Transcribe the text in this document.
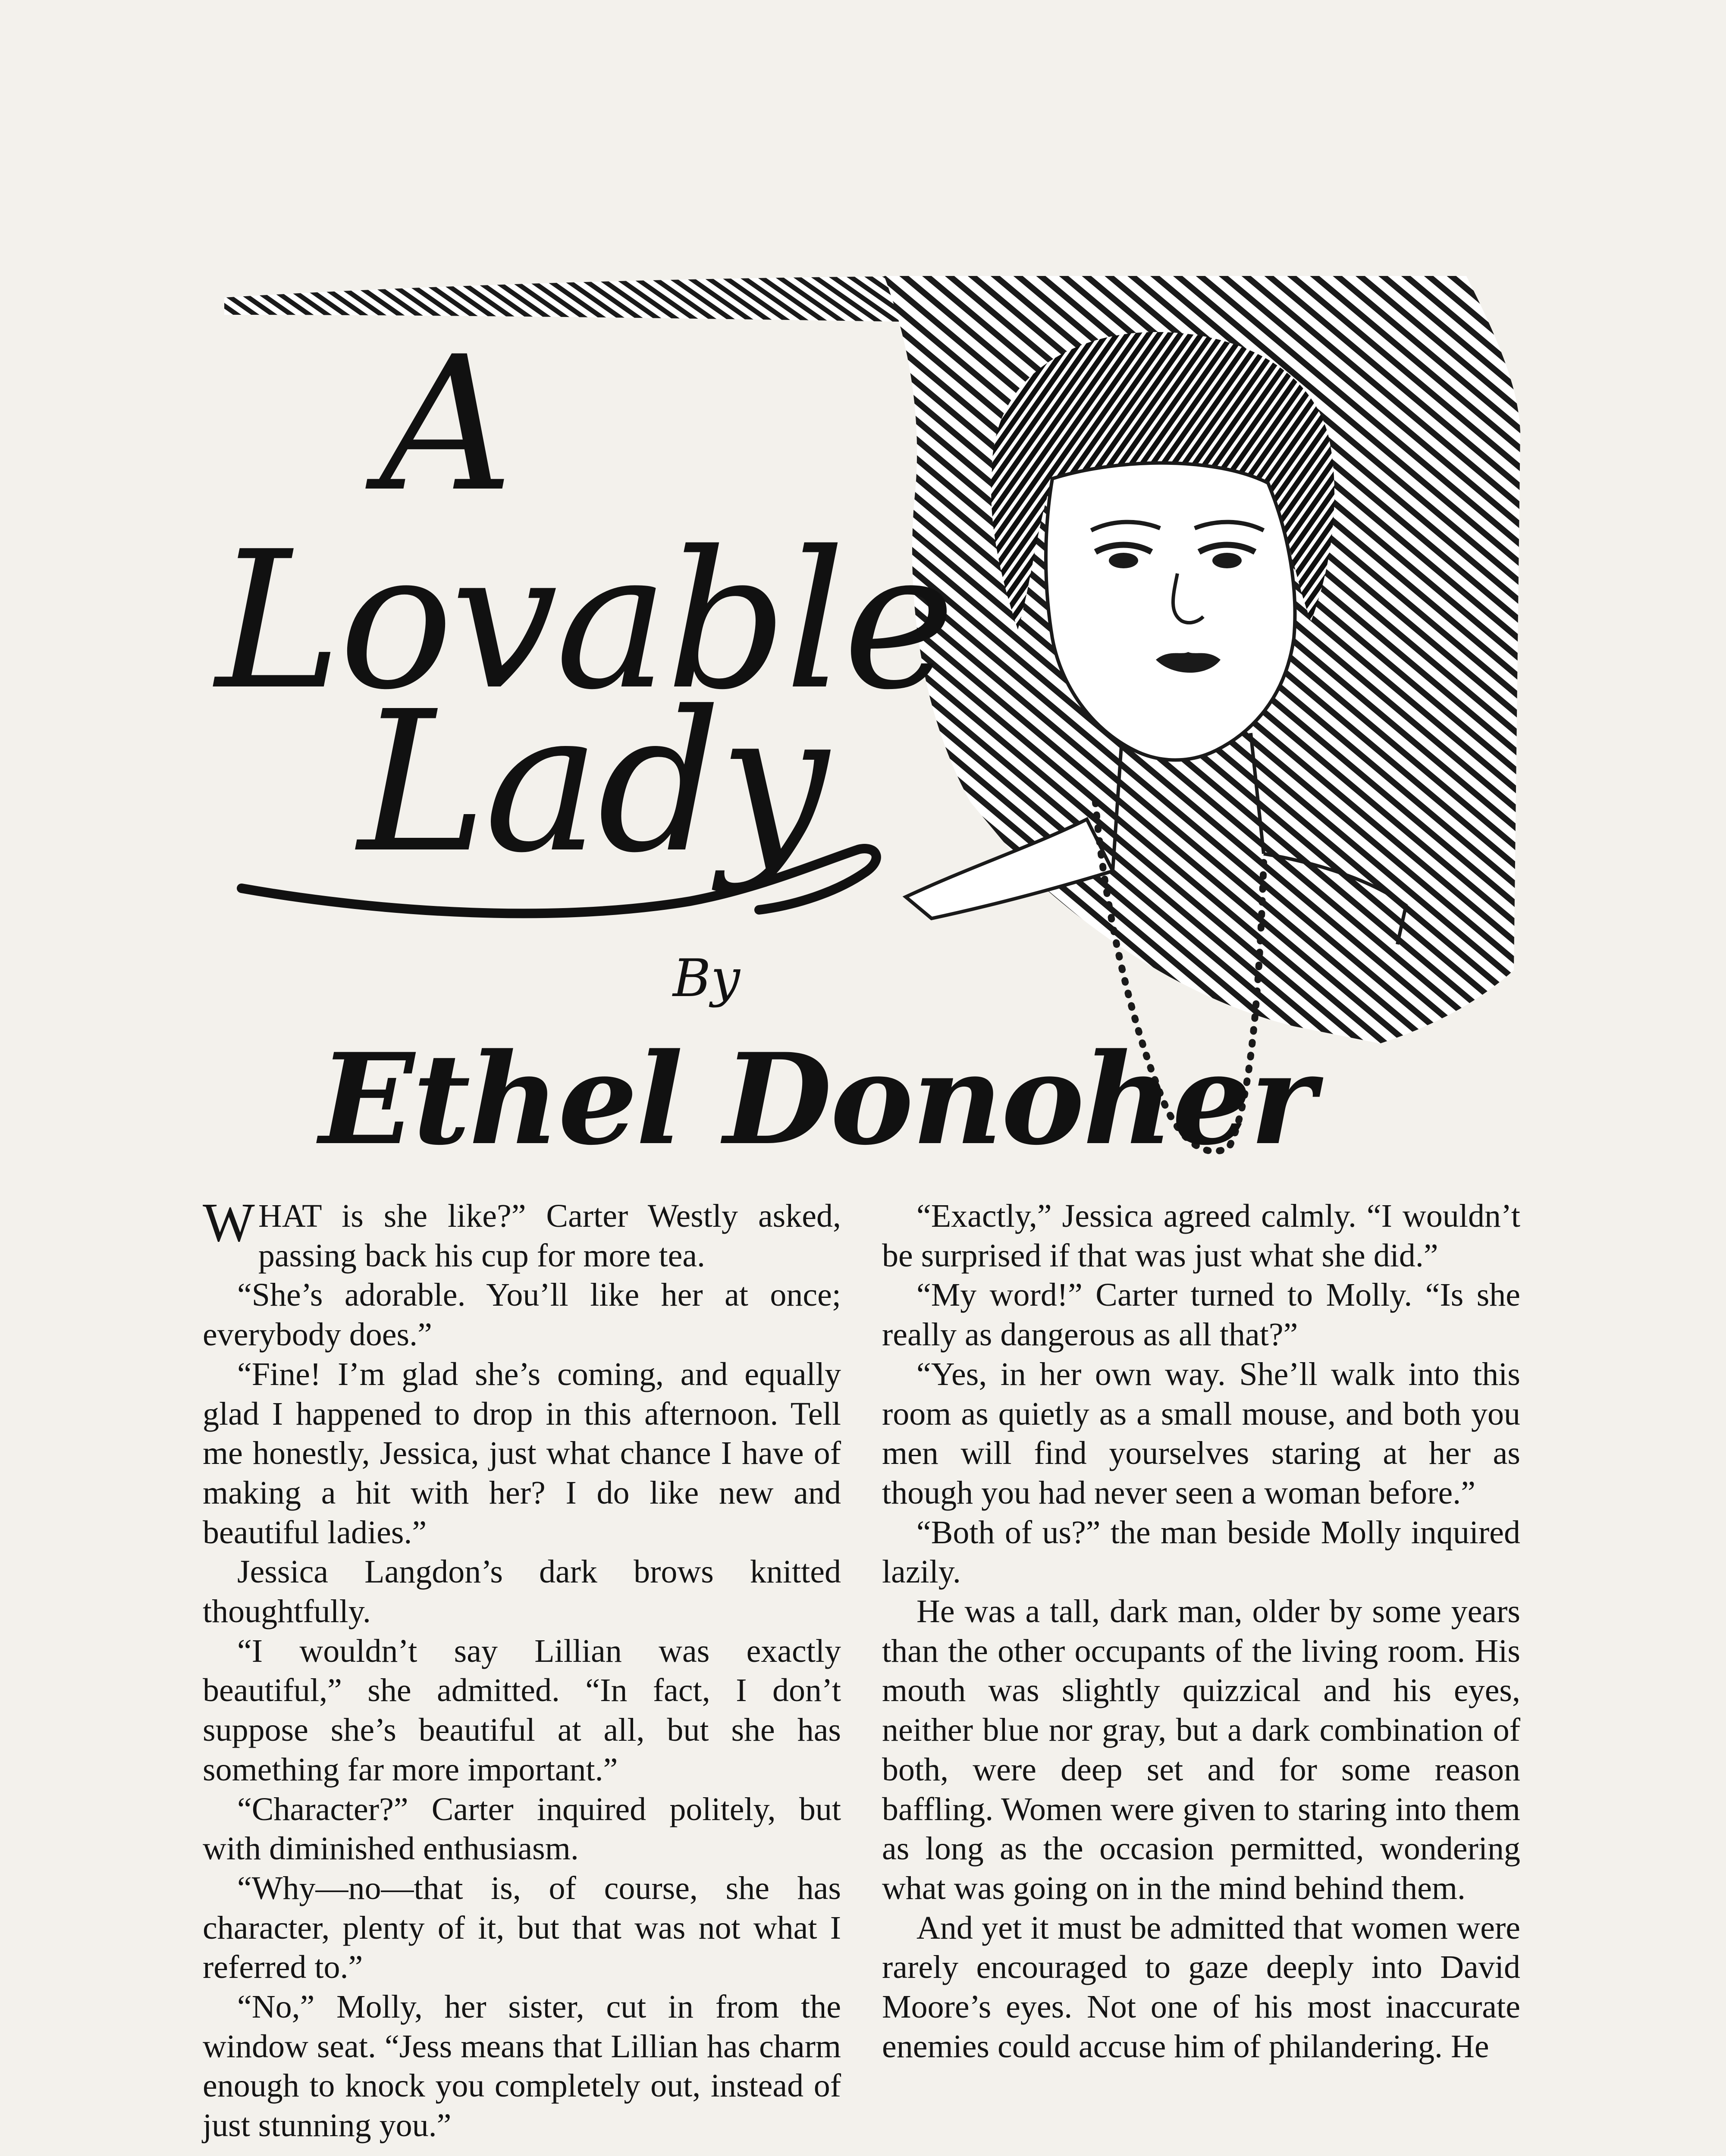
A
Lovable
Lady
By
Ethel Donoher

WHAT is she like?” Carter Westly asked, passing back his cup for more tea.

“She’s adorable. You’ll like her at once; everybody does.”

“Fine! I’m glad she’s coming, and equally glad I happened to drop in this afternoon. Tell me honestly, Jessica, just what chance I have of making a hit with her? I do like new and beautiful ladies.”

Jessica Langdon’s dark brows knitted thoughtfully.

“I wouldn’t say Lillian was exactly beautiful,” she admitted. “In fact, I don’t suppose she’s beautiful at all, but she has something far more important.”

“Character?” Carter inquired politely, but with diminished enthusiasm.

“Why—no—that is, of course, she has character, plenty of it, but that was not what I referred to.”

“No,” Molly, her sister, cut in from the window seat. “Jess means that Lillian has charm enough to knock you completely out, instead of just stunning you.”

“Exactly,” Jessica agreed calmly. “I wouldn’t be surprised if that was just what she did.”

“My word!” Carter turned to Molly. “Is she really as dangerous as all that?”

“Yes, in her own way. She’ll walk into this room as quietly as a small mouse, and both you men will find yourselves staring at her as though you had never seen a woman before.”

“Both of us?” the man beside Molly inquired lazily.

He was a tall, dark man, older by some years than the other occupants of the living room. His mouth was slightly quizzical and his eyes, neither blue nor gray, but a dark combination of both, were deep set and for some reason baffling. Women were given to staring into them as long as the occasion permitted, wondering what was going on in the mind behind them.

And yet it must be admitted that women were rarely encouraged to gaze deeply into David Moore’s eyes. Not one of his most inaccurate enemies could accuse him of philandering. He
